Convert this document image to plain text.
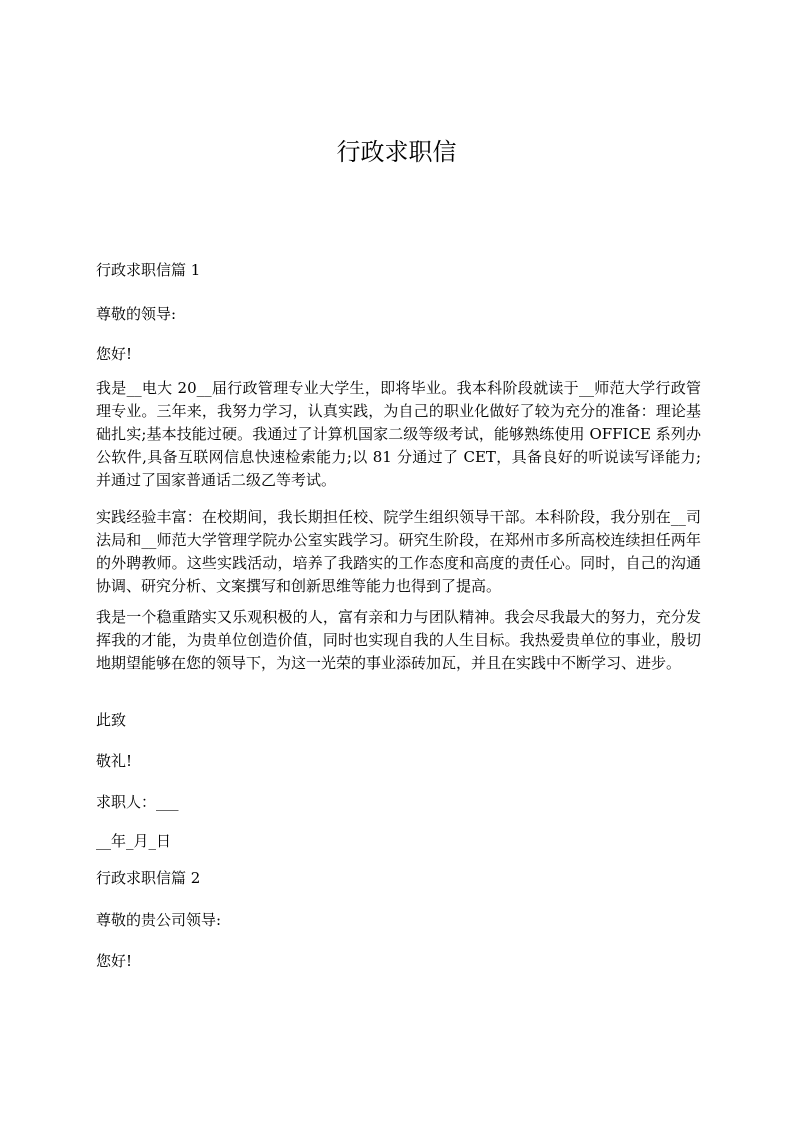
行政求职信

行政求职信篇 1

尊敬的领导:

您好!

我是__电大 20__届行政管理专业大学生，即将毕业。我本科阶段就读于__师范大学行政管理专业。三年来，我努力学习，认真实践，为自己的职业化做好了较为充分的准备：理论基础扎实;基本技能过硬。我通过了计算机国家二级等级考试，能够熟练使用 OFFICE 系列办公软件,具备互联网信息快速检索能力;以 81 分通过了 CET，具备良好的听说读写译能力;并通过了国家普通话二级乙等考试。

实践经验丰富：在校期间，我长期担任校、院学生组织领导干部。本科阶段，我分别在__司法局和__师范大学管理学院办公室实践学习。研究生阶段，在郑州市多所高校连续担任两年的外聘教师。这些实践活动，培养了我踏实的工作态度和高度的责任心。同时，自己的沟通协调、研究分析、文案撰写和创新思维等能力也得到了提高。

我是一个稳重踏实又乐观积极的人，富有亲和力与团队精神。我会尽我最大的努力，充分发挥我的才能，为贵单位创造价值，同时也实现自我的人生目标。我热爱贵单位的事业，殷切地期望能够在您的领导下，为这一光荣的事业添砖加瓦，并且在实践中不断学习、进步。

此致

敬礼!

求职人：___

__年_月_日

行政求职信篇 2

尊敬的贵公司领导:

您好!
